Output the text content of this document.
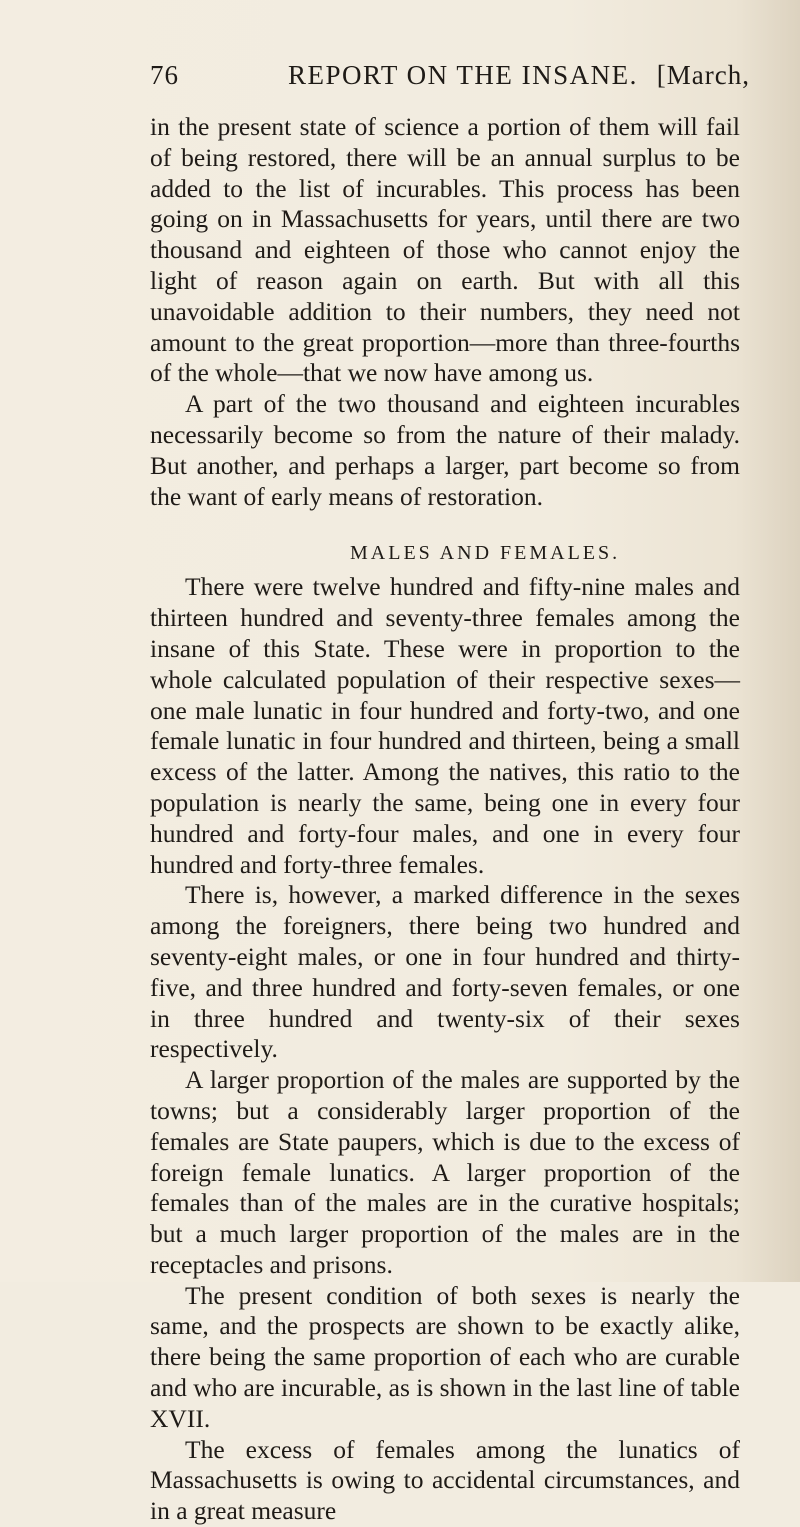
76	REPORT ON THE INSANE. [March,

in the present state of science a portion of them will fail of being restored, there will be an annual surplus to be added to the list of incurables. This process has been going on in Massachusetts for years, until there are two thousand and eighteen of those who cannot enjoy the light of reason again on earth. But with all this unavoidable addition to their numbers, they need not amount to the great proportion—more than three-fourths of the whole—that we now have among us.

A part of the two thousand and eighteen incurables necessarily become so from the nature of their malady. But another, and perhaps a larger, part become so from the want of early means of restoration.

MALES AND FEMALES.

There were twelve hundred and fifty-nine males and thirteen hundred and seventy-three females among the insane of this State. These were in proportion to the whole calculated population of their respective sexes—one male lunatic in four hundred and forty-two, and one female lunatic in four hundred and thirteen, being a small excess of the latter. Among the natives, this ratio to the population is nearly the same, being one in every four hundred and forty-four males, and one in every four hundred and forty-three females.

There is, however, a marked difference in the sexes among the foreigners, there being two hundred and seventy-eight males, or one in four hundred and thirty-five, and three hundred and forty-seven females, or one in three hundred and twenty-six of their sexes respectively.

A larger proportion of the males are supported by the towns; but a considerably larger proportion of the females are State paupers, which is due to the excess of foreign female lunatics. A larger proportion of the females than of the males are in the curative hospitals; but a much larger proportion of the males are in the receptacles and prisons.

The present condition of both sexes is nearly the same, and the prospects are shown to be exactly alike, there being the same proportion of each who are curable and who are incurable, as is shown in the last line of table XVII.

The excess of females among the lunatics of Massachusetts is owing to accidental circumstances, and in a great measure
